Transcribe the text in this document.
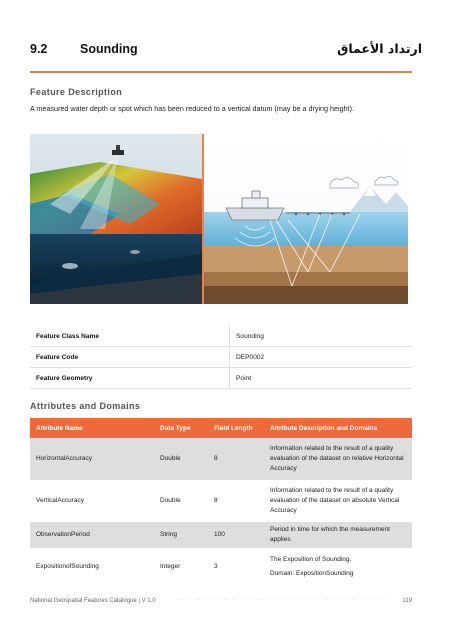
9.2	Sounding	ارتداد الأعماق
Feature Description
A measured water depth or spot which has been reduced to a vertical datum (may be a drying height).
Feature Class Name	Sounding
Feature Code	DEP0002
Feature Geometry	Point
Attributes and Domains
Attribute Name	Data Type	Field Length	Attribute Description and Domains
HorizontalAccuracy	Double	8	Information related to the result of a quality evaluation of the dataset on relative Horizontal Accuracy
VerticalAccuracy	Double	8	Information related to the result of a quality evaluation of the dataset on absolute Vertical Accuracy
ObservationPeriod	String	100	Period in time for which the measurement applies
ExpositionofSounding	Integer	3	The Exposition of Sounding.
Domain: ExpositionSounding
National Geospatial Features Catalogue | V 1.0	. . . . . . . . . . . . . . . . . . . . . . . . . . . . . . . . . . . . . . . . . . . . . . . . . . .	119
